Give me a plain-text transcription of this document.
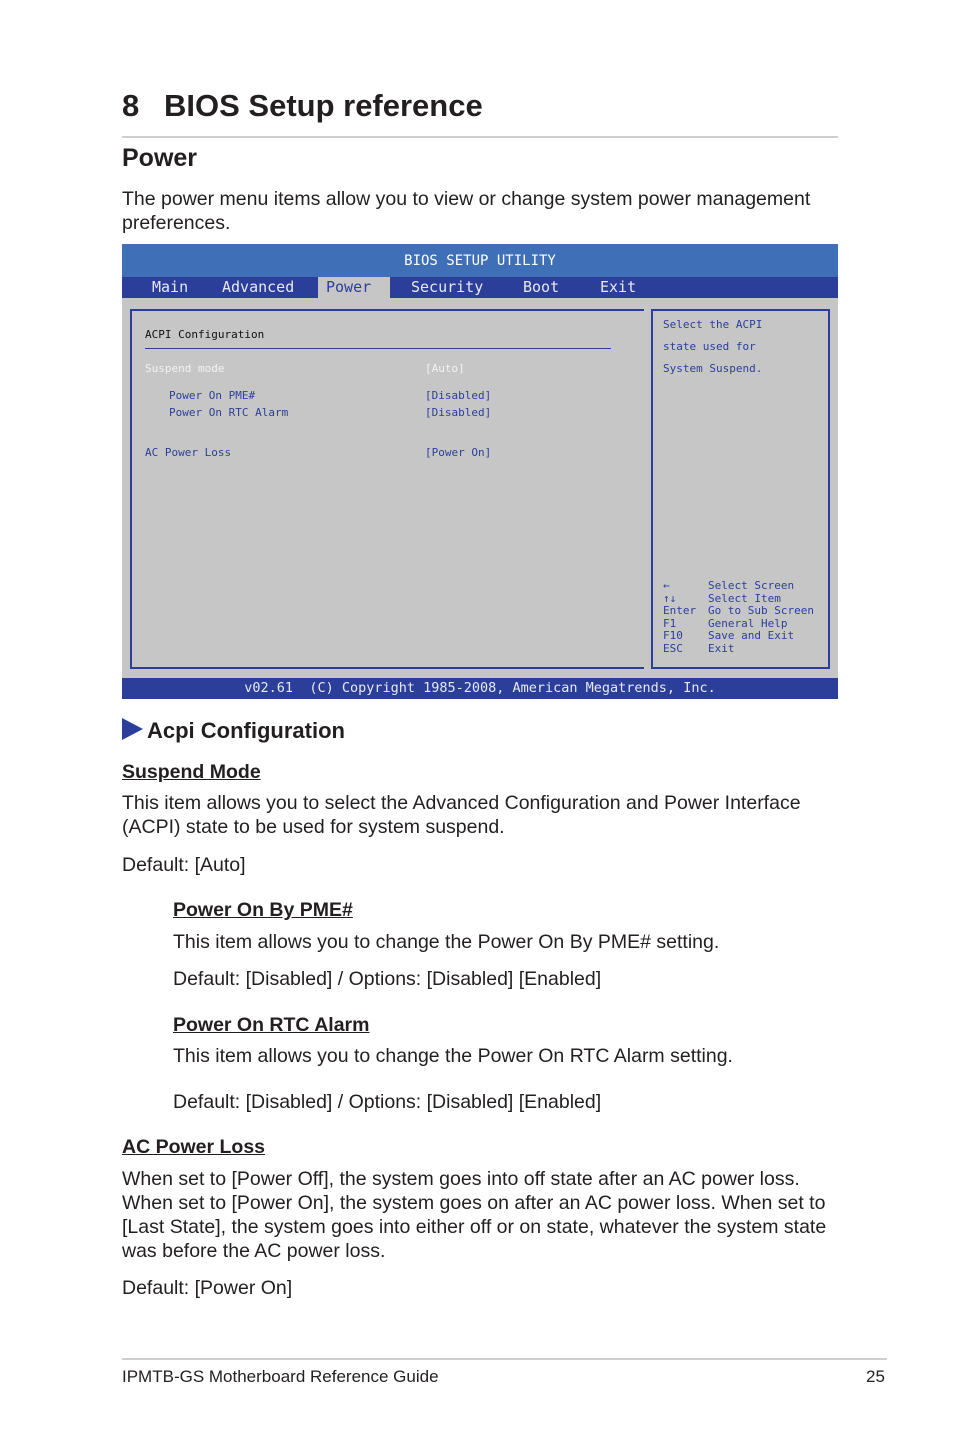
8 BIOS Setup reference
Power
The power menu items allow you to view or change system power management preferences.
BIOS SETUP UTILITY
Main	Advanced	Power	Security	Boot	Exit
ACPI Configuration
Suspend mode	[Auto]
Power On PME#	[Disabled]
Power On RTC Alarm	[Disabled]
AC Power Loss	[Power On]
Select the ACPI
state used for
System Suspend.
←	Select Screen
↑↓	Select Item
Enter Go to Sub Screen
F1	General Help
F10 Save and Exit
ESC Exit
v02.61  (C) Copyright 1985-2008, American Megatrends, Inc.
Acpi Configuration
Suspend Mode
This item allows you to select the Advanced Configuration and Power Interface (ACPI) state to be used for system suspend.
Default: [Auto]
Power On By PME#
This item allows you to change the Power On By PME# setting.
Default: [Disabled] / Options: [Disabled] [Enabled]
Power On RTC Alarm
This item allows you to change the Power On RTC Alarm setting.
Default: [Disabled] / Options: [Disabled] [Enabled]
AC Power Loss
When set to [Power Off], the system goes into off state after an AC power loss. When set to [Power On], the system goes on after an AC power loss. When set to [Last State], the system goes into either off or on state, whatever the system state was before the AC power loss.
Default: [Power On]
IPMTB-GS Motherboard Reference Guide	25
